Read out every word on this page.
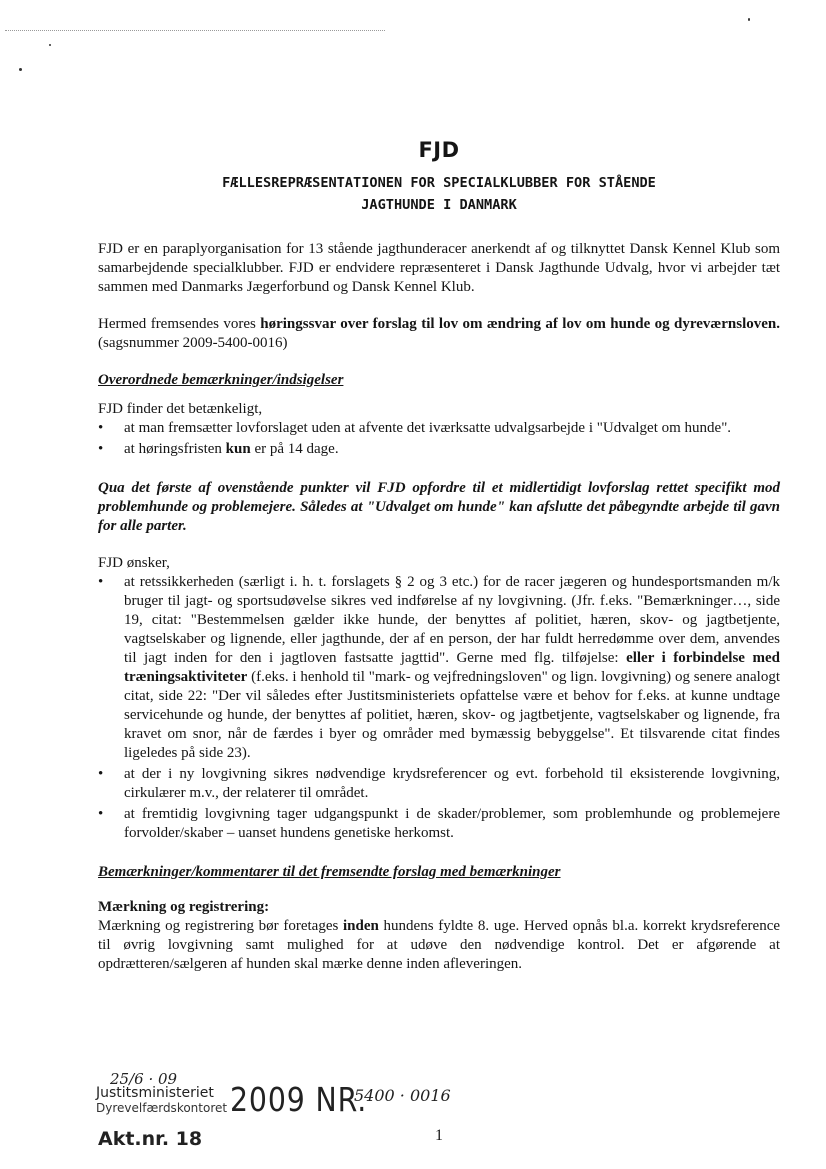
FJD
FÆLLESREPRÆSENTATIONEN FOR SPECIALKLUBBER FOR STÅENDE
JAGTHUNDE I DANMARK

FJD er en paraplyorganisation for 13 stående jagthunderacer anerkendt af og tilknyttet Dansk Kennel Klub som samarbejdende specialklubber. FJD er endvidere repræsenteret i Dansk Jagthunde Udvalg, hvor vi arbejder tæt sammen med Danmarks Jægerforbund og Dansk Kennel Klub.

Hermed fremsendes vores høringssvar over forslag til lov om ændring af lov om hunde og dyreværnsloven. (sagsnummer 2009-5400-0016)

Overordnede bemærkninger/indsigelser

FJD finder det betænkeligt,

• at man fremsætter lovforslaget uden at afvente det iværksatte udvalgsarbejde i "Udvalget om hunde".
• at høringsfristen kun er på 14 dage.

Qua det første af ovenstående punkter vil FJD opfordre til et midlertidigt lovforslag rettet specifikt mod problemhunde og problemejere. Således at "Udvalget om hunde" kan afslutte det påbegyndte arbejde til gavn for alle parter.

FJD ønsker,

• at retssikkerheden (særligt i. h. t. forslagets § 2 og 3 etc.) for de racer jægeren og hundesportsmanden m/k bruger til jagt- og sportsudøvelse sikres ved indførelse af ny lovgivning. (Jfr. f.eks. "Bemærkninger…, side 19, citat: "Bestemmelsen gælder ikke hunde, der benyttes af politiet, hæren, skov- og jagtbetjente, vagtselskaber og lignende, eller jagthunde, der af en person, der har fuldt herredømme over dem, anvendes til jagt inden for den i jagtloven fastsatte jagttid". Gerne med flg. tilføjelse: eller i forbindelse med træningsaktiviteter (f.eks. i henhold til "mark- og vejfredningsloven" og lign. lovgivning) og senere analogt citat, side 22: "Der vil således efter Justitsministeriets opfattelse være et behov for f.eks. at kunne undtage servicehunde og hunde, der benyttes af politiet, hæren, skov- og jagtbetjente, vagtselskaber og lignende, fra kravet om snor, når de færdes i byer og områder med bymæssig bebyggelse". Et tilsvarende citat findes ligeledes på side 23).
• at der i ny lovgivning sikres nødvendige krydsreferencer og evt. forbehold til eksisterende lovgivning, cirkulærer m.v., der relaterer til området.
• at fremtidig lovgivning tager udgangspunkt i de skader/problemer, som problemhunde og problemejere forvolder/skaber – uanset hundens genetiske herkomst.
Bemærkninger/kommentarer til det fremsendte forslag med bemærkninger

Mærkning og registrering:

Mærkning og registrering bør foretages inden hundens fyldte 8. uge. Herved opnås bl.a. korrekt krydsreference til øvrig lovgivning samt mulighed for at udøve den nødvendige kontrol. Det er afgørende at opdrætteren/sælgeren af hunden skal mærke denne inden afleveringen.

25/6 · 09
Justitsministeriet
Dyrevelfærdskontoret 2009 NR.
5400 · 0016
Akt.nr. 18	1
